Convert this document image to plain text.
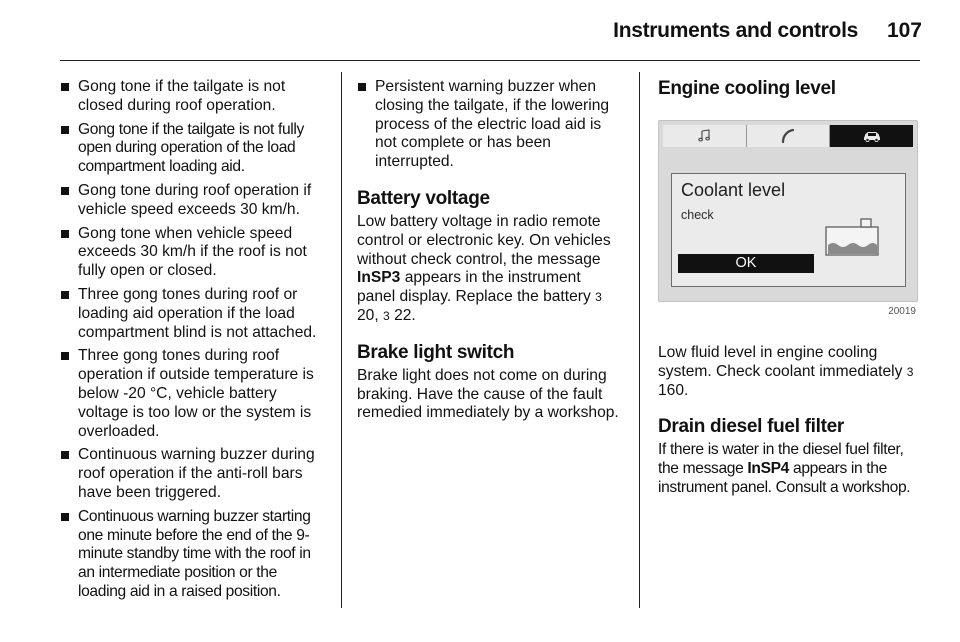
Instruments and controls	107
Gong tone if the tailgate is not closed during roof operation.
Gong tone if the tailgate is not fully open during operation of the load compartment loading aid.
Gong tone during roof operation if vehicle speed exceeds 30 km/h.
Gong tone when vehicle speed exceeds 30 km/h if the roof is not fully open or closed.
Three gong tones during roof or loading aid operation if the load compartment blind is not attached.
Three gong tones during roof operation if outside temperature is below -20 °C, vehicle battery voltage is too low or the system is overloaded.
Continuous warning buzzer during roof operation if the anti-roll bars have been triggered.
Continuous warning buzzer starting one minute before the end of the 9-minute standby time with the roof in an intermediate position or the loading aid in a raised position.
Persistent warning buzzer when closing the tailgate, if the lowering process of the electric load aid is not complete or has been interrupted.
Battery voltage

Low battery voltage in radio remote control or electronic key. On vehicles without check control, the message InSP3 appears in the instrument panel display. Replace the battery 3 20, 3 22.

Brake light switch

Brake light does not come on during braking. Have the cause of the fault remedied immediately by a workshop.

Engine cooling level
Coolant level
check
OK
20019

Low fluid level in engine cooling system. Check coolant immediately 3 160.

Drain diesel fuel filter

If there is water in the diesel fuel filter, the message InSP4 appears in the instrument panel. Consult a workshop.
